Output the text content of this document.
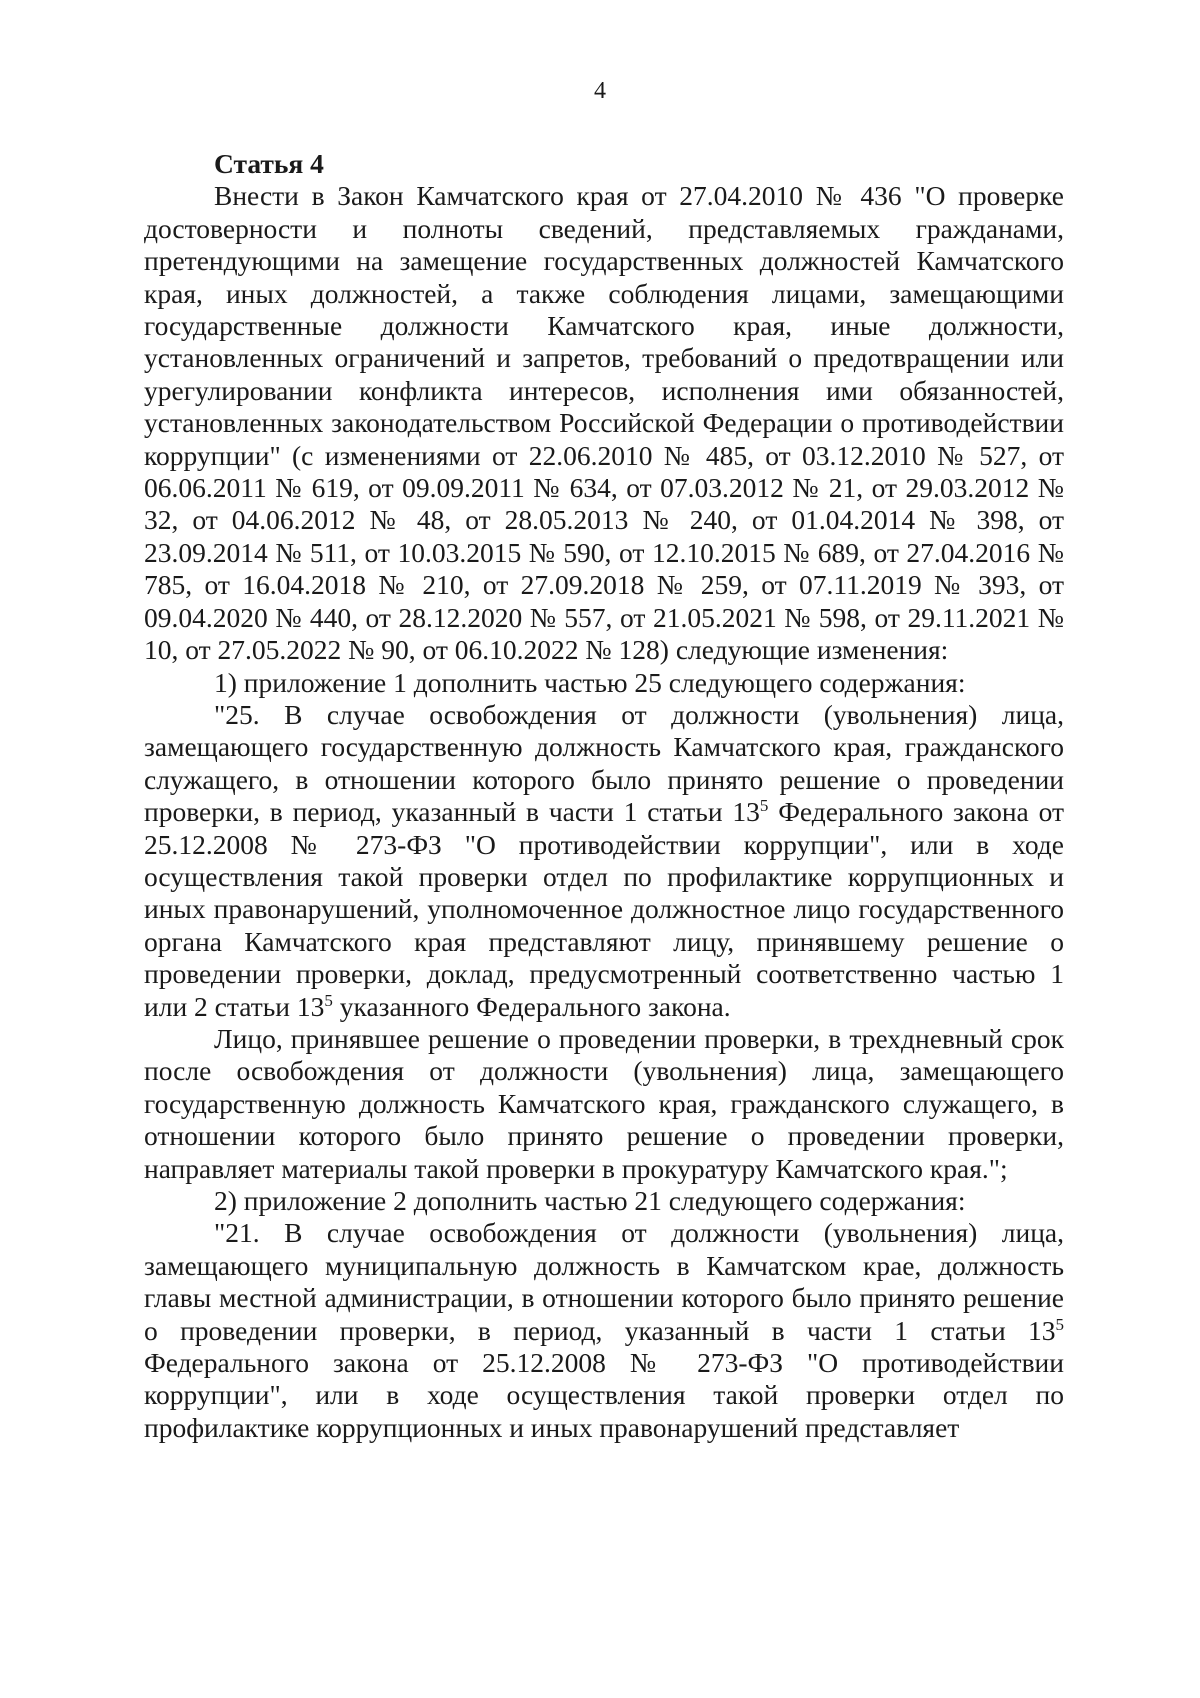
4

Статья 4

Внести в Закон Камчатского края от 27.04.2010 № 436 "О проверке достоверности и полноты сведений, представляемых гражданами, претендующими на замещение государственных должностей Камчатского края, иных должностей, а также соблюдения лицами, замещающими государственные должности Камчатского края, иные должности, установленных ограничений и запретов, требований о предотвращении или урегулировании конфликта интересов, исполнения ими обязанностей, установленных законодательством Российской Федерации о противодействии коррупции" (с изменениями от 22.06.2010 № 485, от 03.12.2010 № 527, от 06.06.2011 № 619, от 09.09.2011 № 634, от 07.03.2012 № 21, от 29.03.2012 № 32, от 04.06.2012 № 48, от 28.05.2013 № 240, от 01.04.2014 № 398, от 23.09.2014 № 511, от 10.03.2015 № 590, от 12.10.2015 № 689, от 27.04.2016 № 785, от 16.04.2018 № 210, от 27.09.2018 № 259, от 07.11.2019 № 393, от 09.04.2020 № 440, от 28.12.2020 № 557, от 21.05.2021 № 598, от 29.11.2021 № 10, от 27.05.2022 № 90, от 06.10.2022 № 128) следующие изменения:

1) приложение 1 дополнить частью 25 следующего содержания:

"25. В случае освобождения от должности (увольнения) лица, замещающего государственную должность Камчатского края, гражданского служащего, в отношении которого было принято решение о проведении проверки, в период, указанный в части 1 статьи $13^5$ Федерального закона от 25.12.2008 № 273-ФЗ "О противодействии коррупции", или в ходе осуществления такой проверки отдел по профилактике коррупционных и иных правонарушений, уполномоченное должностное лицо государственного органа Камчатского края представляют лицу, принявшему решение о проведении проверки, доклад, предусмотренный соответственно частью 1 или 2 статьи $13^5$ указанного Федерального закона.

Лицо, принявшее решение о проведении проверки, в трехдневный срок после освобождения от должности (увольнения) лица, замещающего государственную должность Камчатского края, гражданского служащего, в отношении которого было принято решение о проведении проверки, направляет материалы такой проверки в прокуратуру Камчатского края.";

2) приложение 2 дополнить частью 21 следующего содержания:

"21. В случае освобождения от должности (увольнения) лица, замещающего муниципальную должность в Камчатском крае, должность главы местной администрации, в отношении которого было принято решение о проведении проверки, в период, указанный в части 1 статьи $13^5$ Федерального закона от 25.12.2008 № 273-ФЗ "О противодействии коррупции", или в ходе осуществления такой проверки отдел по профилактике коррупционных и иных правонарушений представляет
